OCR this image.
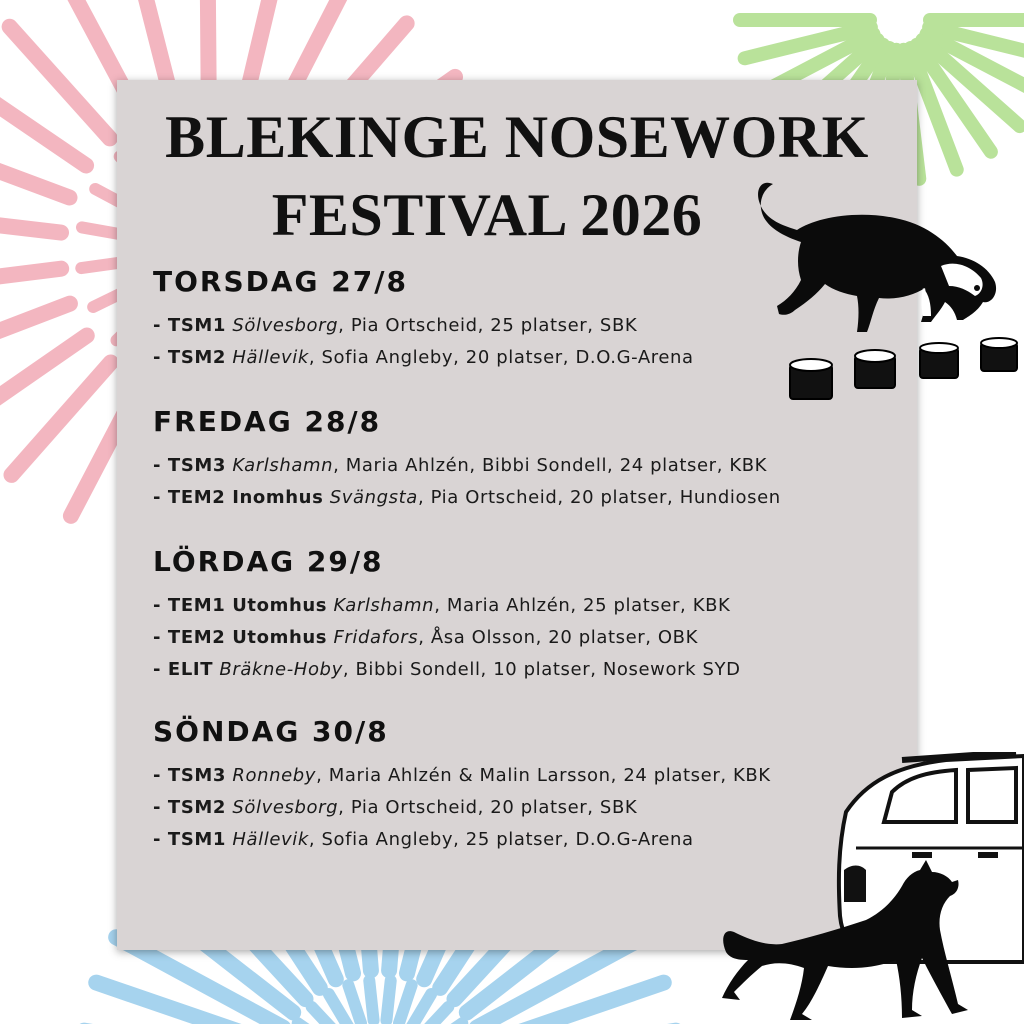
BLEKINGE NOSEWORK
FESTIVAL 2026
TORSDAG 27/8
- TSM1 Sölvesborg, Pia Ortscheid, 25 platser, SBK
- TSM2 Hällevik, Sofia Angleby, 20 platser, D.O.G-Arena
FREDAG 28/8
- TSM3 Karlshamn, Maria Ahlzén, Bibbi Sondell, 24 platser, KBK
- TEM2 Inomhus Svängsta, Pia Ortscheid, 20 platser, Hundiosen
LÖRDAG 29/8
- TEM1 Utomhus Karlshamn, Maria Ahlzén, 25 platser, KBK
- TEM2 Utomhus Fridafors, Åsa Olsson, 20 platser, OBK
- ELIT Bräkne-Hoby, Bibbi Sondell, 10 platser, Nosework SYD
SÖNDAG 30/8
- TSM3 Ronneby, Maria Ahlzén & Malin Larsson, 24 platser, KBK
- TSM2 Sölvesborg, Pia Ortscheid, 20 platser, SBK
- TSM1 Hällevik, Sofia Angleby, 25 platser, D.O.G-Arena
